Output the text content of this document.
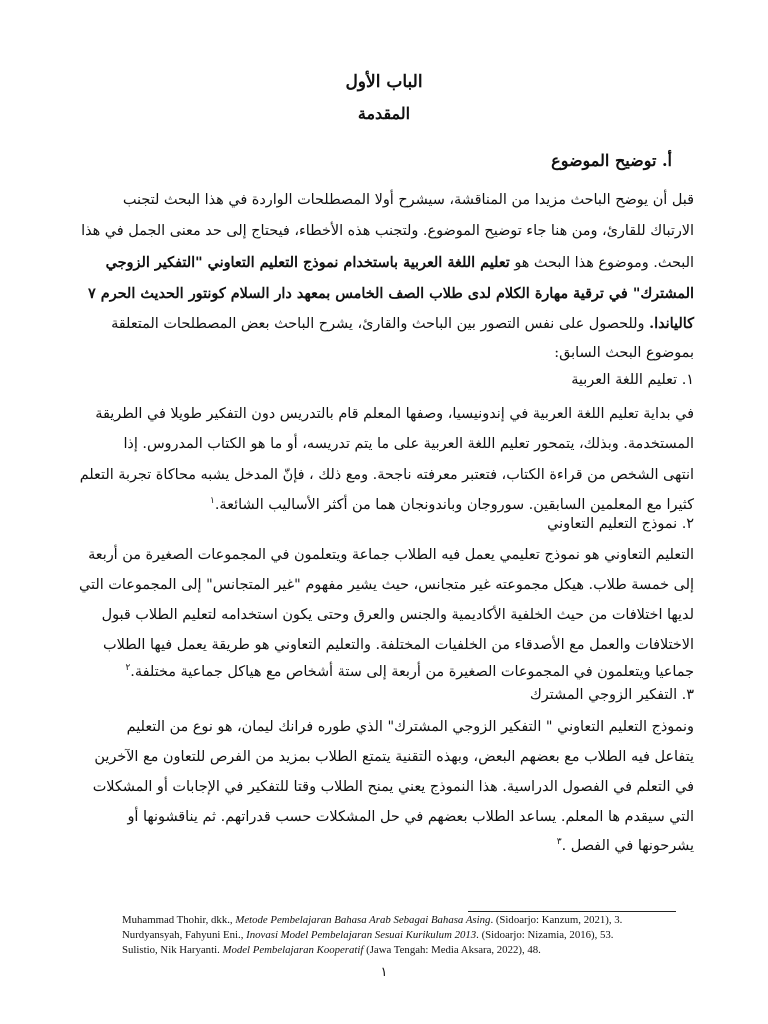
الباب الأول
المقدمة
أ. توضيح الموضوع
قبل أن يوضح الباحث مزيدا من المناقشة، سيشرح أولا المصطلحات الواردة في هذا البحث لتجنب
الارتباك للقارئ، ومن هنا جاء توضيح الموضوع. ولتجنب هذه الأخطاء، فيحتاج إلى حد معنى الجمل في هذا
البحث. وموضوع هذا البحث هو تعليم اللغة العربية باستخدام نموذج التعليم التعاوني "التفكير الزوجي
المشترك" في ترقية مهارة الكلام لدى طلاب الصف الخامس بمعهد دار السلام كونتور الحديث الحرم ٧
كالياندا. وللحصول على نفس التصور بين الباحث والقارئ، يشرح الباحث بعض المصطلحات المتعلقة
بموضوع البحث السابق:
١. تعليم اللغة العربية
في بداية تعليم اللغة العربية في إندونيسيا، وصفها المعلم قام بالتدريس دون التفكير طويلا في الطريقة
المستخدمة. وبذلك، يتمحور تعليم اللغة العربية على ما يتم تدريسه، أو ما هو الكتاب المدروس. إذا
انتهى الشخص من قراءة الكتاب، فتعتبر معرفته ناجحة. ومع ذلك ، فإنّ المدخل يشبه محاكاة تجربة التعلم
كثيرا مع المعلمين السابقين. سوروجان وباندونجان هما من أكثر الأساليب الشائعة.$^١$
٢. نموذج التعليم التعاوني
التعليم التعاوني هو نموذج تعليمي يعمل فيه الطلاب جماعة ويتعلمون في المجموعات الصغيرة من أربعة
إلى خمسة طلاب. هيكل مجموعته غير متجانس، حيث يشير مفهوم "غير المتجانس" إلى المجموعات التي
لديها اختلافات من حيث الخلفية الأكاديمية والجنس والعرق وحتى يكون استخدامه لتعليم الطلاب قبول
الاختلافات والعمل مع الأصدقاء من الخلفيات المختلفة. والتعليم التعاوني هو طريقة يعمل فيها الطلاب
جماعيا ويتعلمون في المجموعات الصغيرة من أربعة إلى ستة أشخاص مع هياكل جماعية مختلفة.$^٢$
٣. التفكير الزوجي المشترك
ونموذج التعليم التعاوني " التفكير الزوجي المشترك" الذي طوره فرانك ليمان، هو نوع من التعليم
يتفاعل فيه الطلاب مع بعضهم البعض، وبهذه التقنية يتمتع الطلاب بمزيد من الفرص للتعاون مع الآخرين
في التعلم في الفصول الدراسية. هذا النموذج يعني يمنح الطلاب وقتا للتفكير في الإجابات أو المشكلات
التي سيقدم ها المعلم. يساعد الطلاب بعضهم في حل المشكلات حسب قدراتهم. ثم يناقشونها أو
يشرحونها في الفصل .$^٣$
Muhammad Thohir, dkk., Metode Pembelajaran Bahasa Arab Sebagai Bahasa Asing. (Sidoarjo: Kanzum, 2021), 3.
Nurdyansyah, Fahyuni Eni., Inovasi Model Pembelajaran Sesuai Kurikulum 2013. (Sidoarjo: Nizamia, 2016), 53.
Sulistio, Nik Haryanti. Model Pembelajaran Kooperatif (Jawa Tengah: Media Aksara, 2022), 48.
١
